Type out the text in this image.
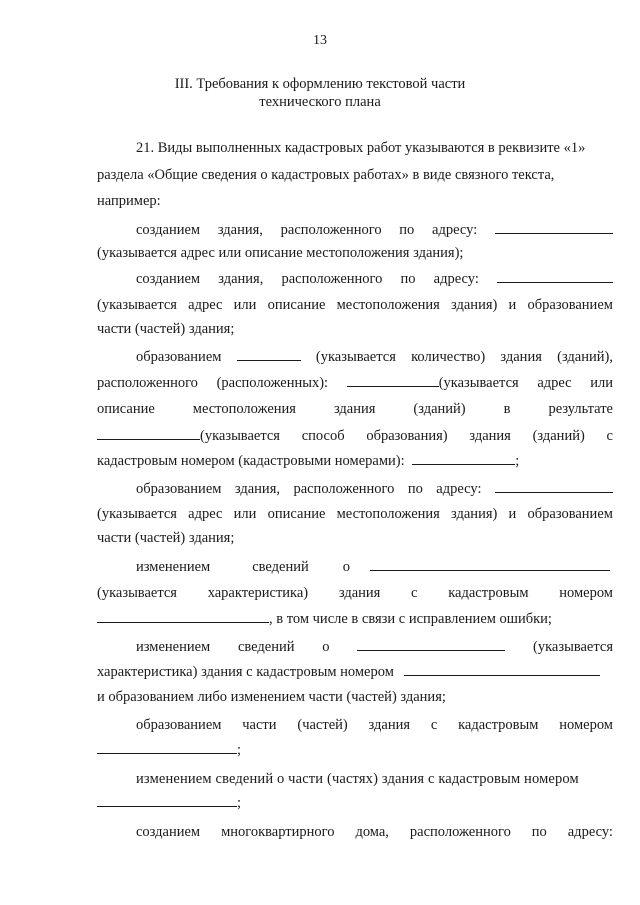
13
III. Требования к оформлению текстовой части
технического плана
21. Виды выполненных кадастровых работ указываются в реквизите «1»
раздела «Общие сведения о кадастровых работах» в виде связного текста,
например:
созданием здания, расположенного по адресу:
(указывается адрес или описание местоположения здания);
созданием здания, расположенного по адресу:
(указывается адрес или описание местоположения здания) и образованием
части (частей) здания;
образованием	(указывается количество) здания (зданий),
расположенного (расположенных):	(указывается адрес или
описание	местоположения	здания	(зданий)	в	результате
(указывается способ образования) здания (зданий) с
кадастровым номером (кадастровыми номерами):	;
образованием здания, расположенного по адресу:
(указывается адрес или описание местоположения здания) и образованием
части (частей) здания;
изменением	сведений о
(указывается характеристика) здания с кадастровым номером
, в том числе в связи с исправлением ошибки;
изменением сведений о	(указывается
характеристика) здания с кадастровым номером
и образованием либо изменением части (частей) здания;
образованием части (частей) здания с кадастровым номером
;
изменением сведений о части (частях) здания с кадастровым номером
;
созданием многоквартирного дома, расположенного по адресу:
